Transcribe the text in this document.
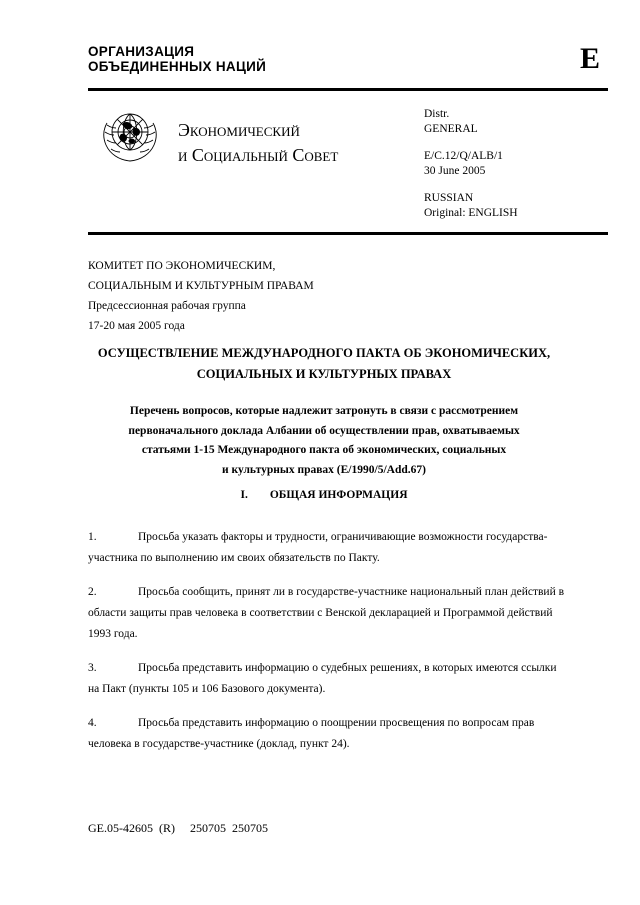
ОРГАНИЗАЦИЯ
ОБЪЕДИНЕННЫХ НАЦИЙ	E
Экономический
и Социальный Совет
Distr.
GENERAL
E/C.12/Q/ALB/1
30 June 2005
RUSSIAN
Original: ENGLISH
КОМИТЕТ ПО ЭКОНОМИЧЕСКИМ,
СОЦИАЛЬНЫМ И КУЛЬТУРНЫМ ПРАВАМ
Предсессионная рабочая группа
17-20 мая 2005 года
ОСУЩЕСТВЛЕНИЕ МЕЖДУНАРОДНОГО ПАКТА ОБ ЭКОНОМИЧЕСКИХ,
СОЦИАЛЬНЫХ И КУЛЬТУРНЫХ ПРАВАХ
Перечень вопросов, которые надлежит затронуть в связи с рассмотрением
первоначального доклада Албании об осуществлении прав, охватываемых
статьями 1-15 Международного пакта об экономических, социальных
и культурных правах (E/1990/5/Add.67)
I. ОБЩАЯ ИНФОРМАЦИЯ
1.	Просьба указать факторы и трудности, ограничивающие возможности государства-участника по выполнению им своих обязательств по Пакту.
2.	Просьба сообщить, принят ли в государстве-участнике национальный план действий в области защиты прав человека в соответствии с Венской декларацией и Программой действий 1993 года.
3.	Просьба представить информацию о судебных решениях, в которых имеются ссылки на Пакт (пункты 105 и 106 Базового документа).
4.	Просьба представить информацию о поощрении просвещения по вопросам прав человека в государстве-участнике (доклад, пункт 24).
GE.05-42605  (R)     250705  250705
